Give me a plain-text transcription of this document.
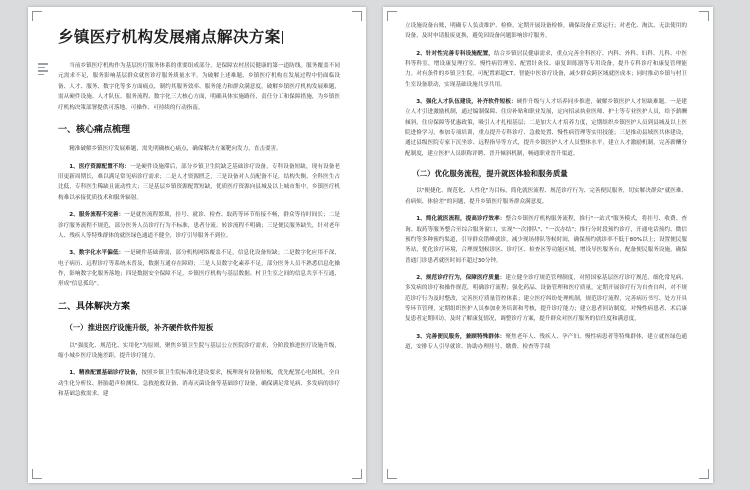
乡镇医疗机构发展痛点解决方案

当前乡镇医疗机构作为基层医疗服务体系的重要组成部分，是保障农村居民健康的第一道防线。服务覆盖不同元需求不足，服务影响基层群众就医诊疗服务质量水平。为破解上述难题，乡镇医疗机构在发展过程中仍面临设备、人才、服务、数字化等多方面痛点，制约其服务效率、服务能力和群众满意度。破解乡镇医疗机构发展难题，需从硬件设施、人才队伍、服务流程、数字化三大核心方面，明确具体实施路径，责任分工和保障措施，为乡镇医疗机构决策部署提供可落地、可操作、可持续的行动指南。

一、核心痛点梳理

精准破解乡镇医疗发展难题，需先明确核心痛点，确保解决方案靶向发力，直击要害。

1、医疗资源配置不均：一是硬件设施滞后，部分乡镇卫生院缺乏基础诊疗设备，专科设备短缺，现有设备老旧更新周期长，难以满足常见病诊疗需求；二是人才资源匮乏，三是设备对人员配备不足，结构失衡，全科医生占比低，专科医生稀缺且流动性大；三是基层乡镇资源配置短缺，优质医疗资源向县城及以上城市集中，乡镇医疗机构难以承接优质技术和服务辐射。

2、服务流程不完善：一是就医流程繁琐，挂号、就诊、检查、取药等环节衔接不畅，群众等待时间长；二是诊疗服务流程不规范，部分医务人员诊疗行为不标准，患者分流、转诊流程不明确；三是便民服务缺失，针对老年人、残疾人等特殊群体的就医绿色通道不健全，诊疗引导服务不到位。

3、数字化水平偏低：一是硬件基础薄弱，部分机构网络覆盖不足，信息化设备短缺；二是数字化应用不深，电子病历、远程诊疗等系统未普及，数据互通存在障碍；三是人员数字化素养不足，部分医务人员不熟悉信息化操作，影响数字化服务落地；四是数据安全保障不足，乡镇医疗机构与基层数据、村卫生室之间的信息共享不互通，形成"信息孤岛"。

二、具体解决方案
（一）推进医疗设施升级，补齐硬件软件短板

以"强度化、规范化、实用化"为原则，聚焦乡镇卫生院与基层公立医院诊疗需求，分阶段推进医疗设施升级，缩小城乡医疗设施差距，提升诊疗能力。

1、精准配置基础诊疗设备，按照乡镇卫生院标准化建设要求，梳理现有设备短板，优先配置心电图机、全自动生化分析仪、胚胎超声检测仪、急救抢救设备、消毒灭菌设备等基础诊疗设备，确保满足常见病、多发病的诊疗和基础急救需求。建

立设施设备台账，明确专人负责维护、检修，定期开展设备检修，确保设备正常运行；对老化、淘汰、无法使用的设备，及时申请报废更换，避免因设备问题影响诊疗服务。

2、针对性完善专科设施配置，结合乡镇居民健康需求，重点完善全科医疗、内科、外科、妇科、儿科、中医科等科室，增设康复理疗室、慢性病管理室、配置针灸仪、康复训练器等专用设备，提升专科诊疗和康复管理能力。对有条件的乡镇卫生院，可配置彩超CT、智能中医诊疗设备，减少群众跨区域就医成本；同时推动乡镇与村卫生室设备联动，实现基础设施共享共用。

3、强化人才队伍建设，补齐软件短板：硬件升级与人才培养同步推进，破解乡镇医护人才短缺难题。一是建立人才引进激励机制，通过编制保障、住房补贴和职业发展，定向招录执业医师、护士等专业医护人员，给予薪酬倾斜，住房保障等优惠政策，吸引人才扎根基层；二是加大人才培养力度，定期组织乡镇医护人员到县城及以上医院进修学习，参加专项培训，重点提升专科诊疗、急救处置、慢性病管理等实用技能；三是推动县域医共体建设，通过县级医院专家下沉坐诊、远程指导等方式，提升乡镇医护人才人员整体水平，建立人才激励机制，完善薪酬分配制度，建立医护人员职称评聘、晋升倾斜机制，畅通职业晋升渠道。

（二）优化服务流程，提升就医体验和服务质量

以"便捷化、规范化、人性化"为目标，简化就医流程、规范诊疗行为、完善便民服务，切实解决群众"就医难、看病烦、体验差"的问题，提升乡镇医疗服务群众满意度。

1、简化就医流程，提高诊疗效率：整合乡镇医疗机构服务流程，推行"一站式"服务模式，将挂号、收费、查询、取药等服务整合至综合服务窗口，实现"一次排队"、"一次办结"；推行分时段预约诊疗，开通电话预约、微信预约等多种预约渠道，引导群众错峰就诊，减少现场排队等候时间，确保预约就诊率不低于80%以上；设置便民服务站，优化诊疗环境，合理规划候诊区、诊疗区、检查区等功能区域，增设导医服务台，配备便民服务设施，确保普通门诊患者就医时间不超过30分钟。

2、规范诊疗行为，保障医疗质量：建立健全诊疗规范管理制度，对照国家基层医疗诊疗规范，细化常见病、多发病的诊疗和操作规范，明确诊疗流程；强化药品、设备管理和医疗质量，定期开展诊疗行为自查自纠，对不规范诊疗行为及时整改，完善医疗质量管控体系；建立医疗纠纷处理机制，规范诊疗流程，完善病历书写、处方开具等环节管理，定期组织医护人员参加业务培训和考核，提升诊疗能力；建立患者回访制度，对慢性病患者、术后康复患者定期回访，及时了解康复情况，调整诊疗方案，提升群众对医疗服务的信任度和满意度。

3、完善便民服务，兼顾特殊群体：聚焦老年人、残疾人、孕产妇、慢性病患者等特殊群体，建立就医绿色通道，安排专人引导就诊、协助办理挂号、缴费、检查等手续
